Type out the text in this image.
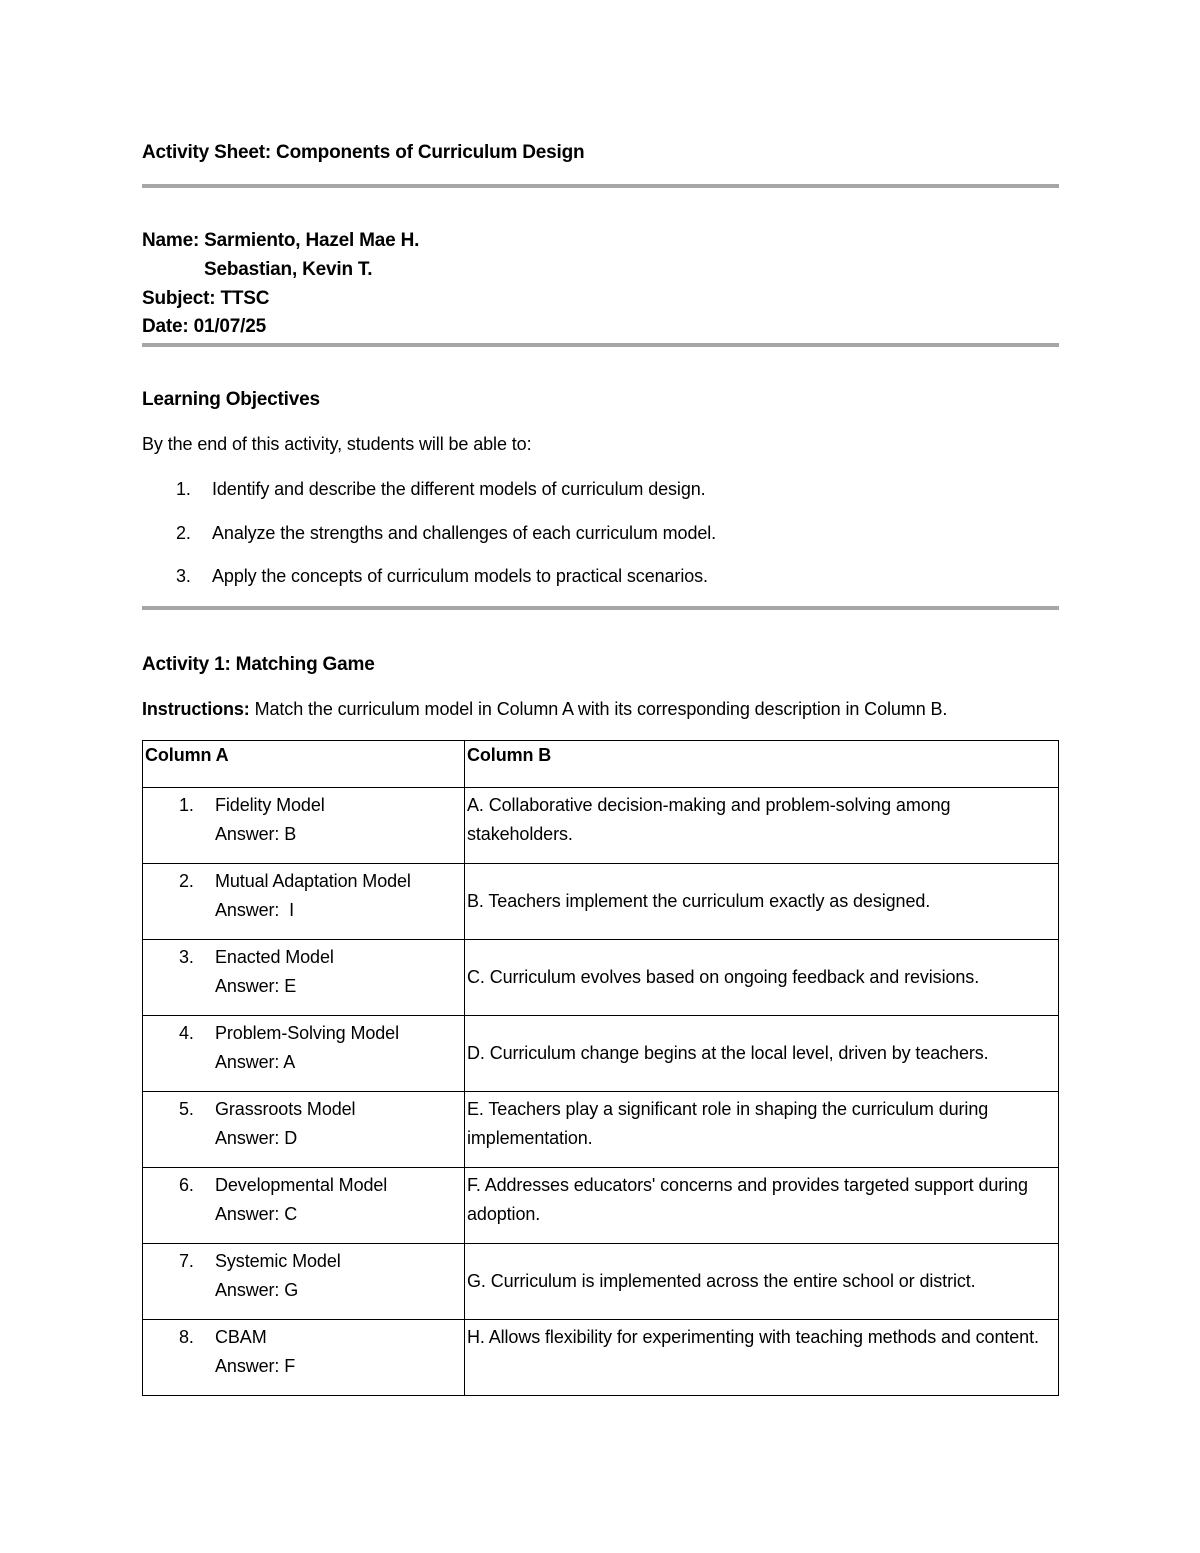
Activity Sheet: Components of Curriculum Design
Name: Sarmiento, Hazel Mae H.
Sebastian, Kevin T.
Subject: TTSC
Date: 01/07/25
Learning Objectives
By the end of this activity, students will be able to:
1.	Identify and describe the different models of curriculum design.
2.	Analyze the strengths and challenges of each curriculum model.
3.	Apply the concepts of curriculum models to practical scenarios.
Activity 1: Matching Game
Instructions: Match the curriculum model in Column A with its corresponding description in Column B.
Column A	Column B

1. Fidelity Model
Answer: B	A. Collaborative decision-making and problem-solving among stakeholders.

2. Mutual Adaptation Model
Answer:  I	B. Teachers implement the curriculum exactly as designed.

3. Enacted Model
Answer: E	C. Curriculum evolves based on ongoing feedback and revisions.

4. Problem-Solving Model
Answer: A	D. Curriculum change begins at the local level, driven by teachers.

5. Grassroots Model
Answer: D	E. Teachers play a significant role in shaping the curriculum during implementation.

6. Developmental Model
Answer: C	F. Addresses educators' concerns and provides targeted support during adoption.

7. Systemic Model
Answer: G	G. Curriculum is implemented across the entire school or district.

8. CBAM
Answer: F	H. Allows flexibility for experimenting with teaching methods and content.
